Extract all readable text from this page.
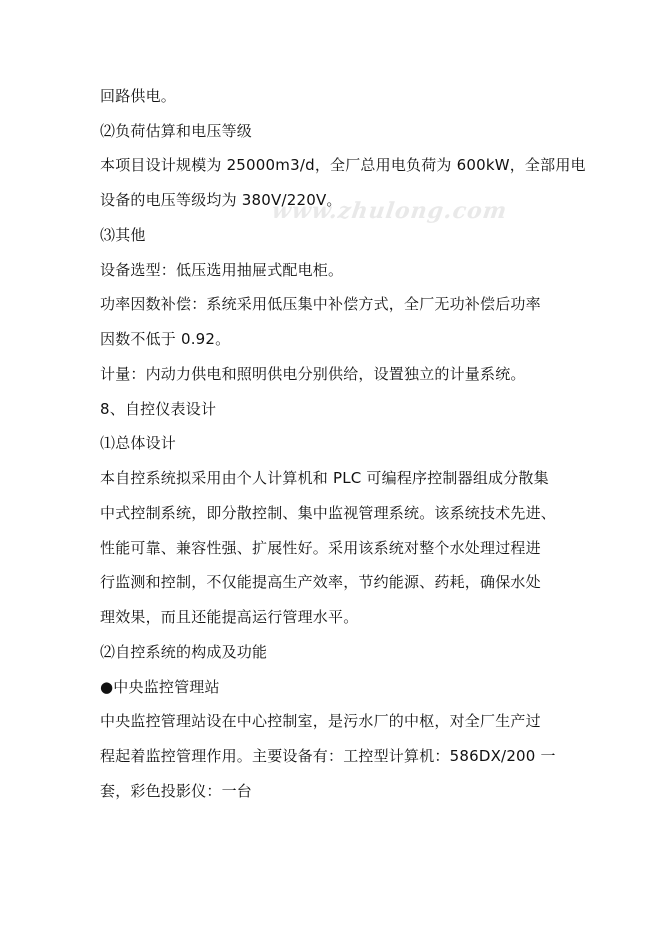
www.zhulong.com
回路供电。
⑵负荷估算和电压等级
本项目设计规模为 25000m3/d，全厂总用电负荷为 600kW，全部用电
设备的电压等级均为 380V/220V。
⑶其他
设备选型：低压选用抽屉式配电柜。
功率因数补偿：系统采用低压集中补偿方式，全厂无功补偿后功率
因数不低于 0.92。
计量：内动力供电和照明供电分别供给，设置独立的计量系统。
8、自控仪表设计
⑴总体设计
本自控系统拟采用由个人计算机和 PLC 可编程序控制器组成分散集
中式控制系统，即分散控制、集中监视管理系统。该系统技术先进、
性能可靠、兼容性强、扩展性好。采用该系统对整个水处理过程进
行监测和控制，不仅能提高生产效率，节约能源、药耗，确保水处
理效果，而且还能提高运行管理水平。
⑵自控系统的构成及功能
●中央监控管理站
中央监控管理站设在中心控制室，是污水厂的中枢，对全厂生产过
程起着监控管理作用。主要设备有：工控型计算机：586DX/200 一
套，彩色投影仪：一台
